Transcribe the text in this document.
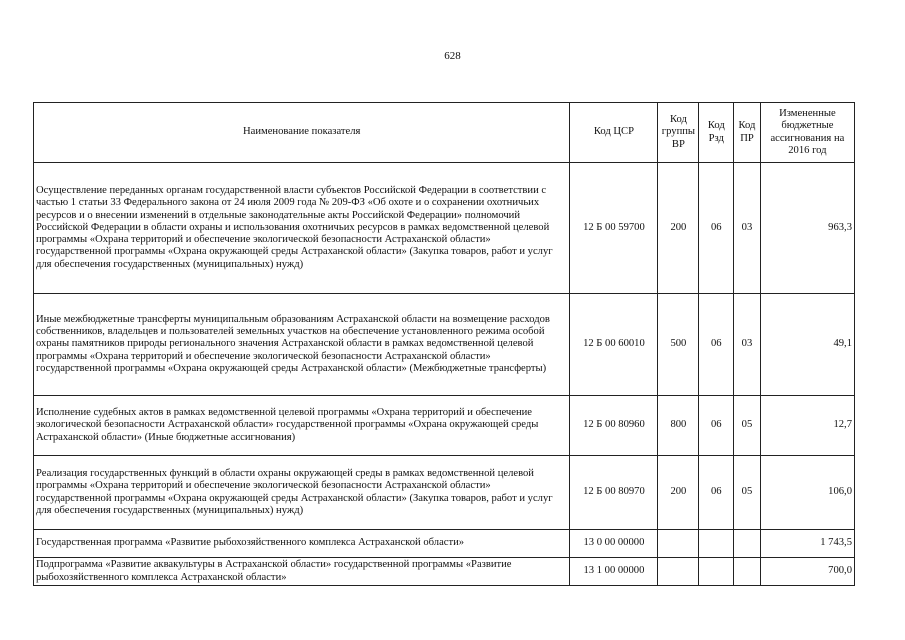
628
Наименование показателя	Код ЦСР	Код группы ВР	Код Рзд	Код ПР	Измененные бюджетные ассигнования на 2016 год
Осуществление переданных органам государственной власти субъектов Российской Федерации в соответствии с частью 1 статьи 33 Федерального закона от 24 июля 2009 года № 209-ФЗ «Об охоте и о сохранении охотничьих ресурсов и о внесении изменений в отдельные законодательные акты Российской Федерации» полномочий Российской Федерации в области охраны и использования охотничьих ресурсов в рамках ведомственной целевой программы «Охрана территорий и обеспечение экологической безопасности Астраханской области» государственной программы «Охрана окружающей среды Астраханской области» (Закупка товаров, работ и услуг для обеспечения государственных (муниципальных) нужд)	12 Б 00 59700	200	06	03	963,3
Иные межбюджетные трансферты муниципальным образованиям Астраханской области на возмещение расходов собственников, владельцев и пользователей земельных участков на обеспечение установленного режима особой охраны памятников природы регионального значения Астраханской области в рамках ведомственной целевой программы «Охрана территорий и обеспечение экологической безопасности Астраханской области» государственной программы «Охрана окружающей среды Астраханской области» (Межбюджетные трансферты)	12 Б 00 60010	500	06	03	49,1
Исполнение судебных актов в рамках ведомственной целевой программы «Охрана территорий и обеспечение экологической безопасности Астраханской области» государственной программы «Охрана окружающей среды Астраханской области» (Иные бюджетные ассигнования)	12 Б 00 80960	800	06	05	12,7
Реализация государственных функций в области охраны окружающей среды в рамках ведомственной целевой программы «Охрана территорий и обеспечение экологической безопасности Астраханской области» государственной программы «Охрана окружающей среды Астраханской области» (Закупка товаров, работ и услуг для обеспечения государственных (муниципальных) нужд)	12 Б 00 80970	200	06	05	106,0
Государственная программа «Развитие рыбохозяйственного комплекса Астраханской области»	13 0 00 00000				1 743,5
Подпрограмма «Развитие аквакультуры в Астраханской области» государственной программы «Развитие рыбохозяйственного комплекса Астраханской области»	13 1 00 00000				700,0
